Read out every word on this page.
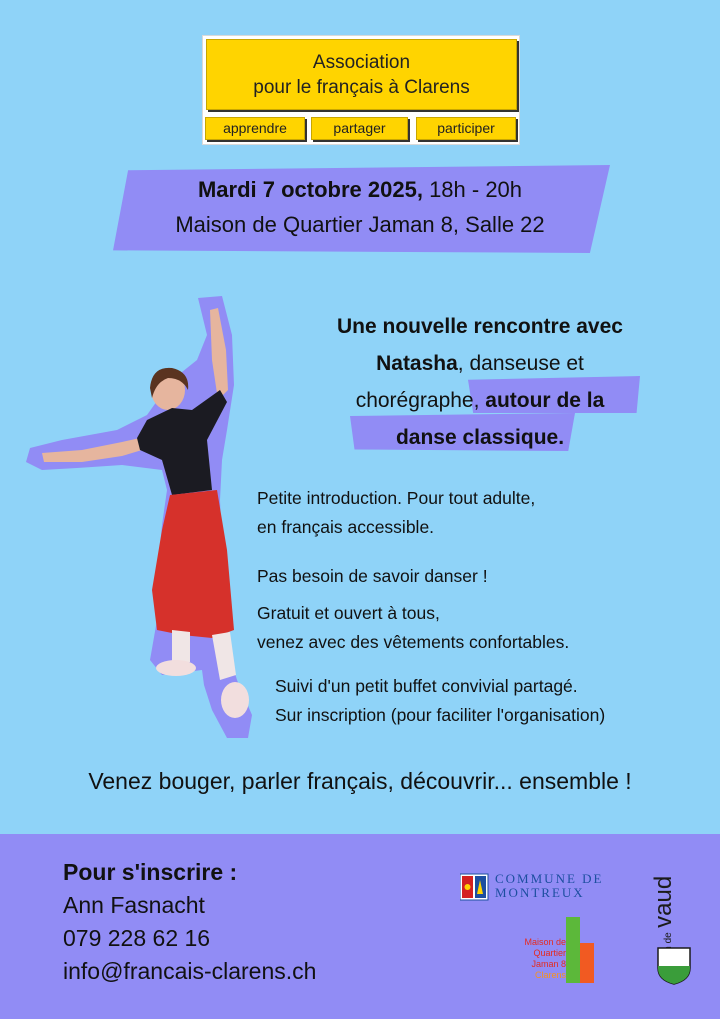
Association
pour le français à Clarens
apprendre	partager	participer
Mardi 7 octobre 2025, 18h - 20h
Maison de Quartier Jaman 8, Salle 22
Une nouvelle rencontre avec
Natasha, danseuse et
chorégraphe, autour de la
danse classique.
Petite introduction. Pour tout adulte,
en français accessible.
Pas besoin de savoir danser !
Gratuit et ouvert à tous,
venez avec des vêtements confortables.
Suivi d'un petit buffet convivial partagé.
Sur inscription (pour faciliter l'organisation)
Venez bouger, parler français, découvrir... ensemble !
Pour s'inscrire :
Ann Fasnacht
079 228 62 16
info@francais-clarens.ch
COMMUNE DE
MONTREUX
Maison de
Quartier
Jaman 8
Clarens
vaud
